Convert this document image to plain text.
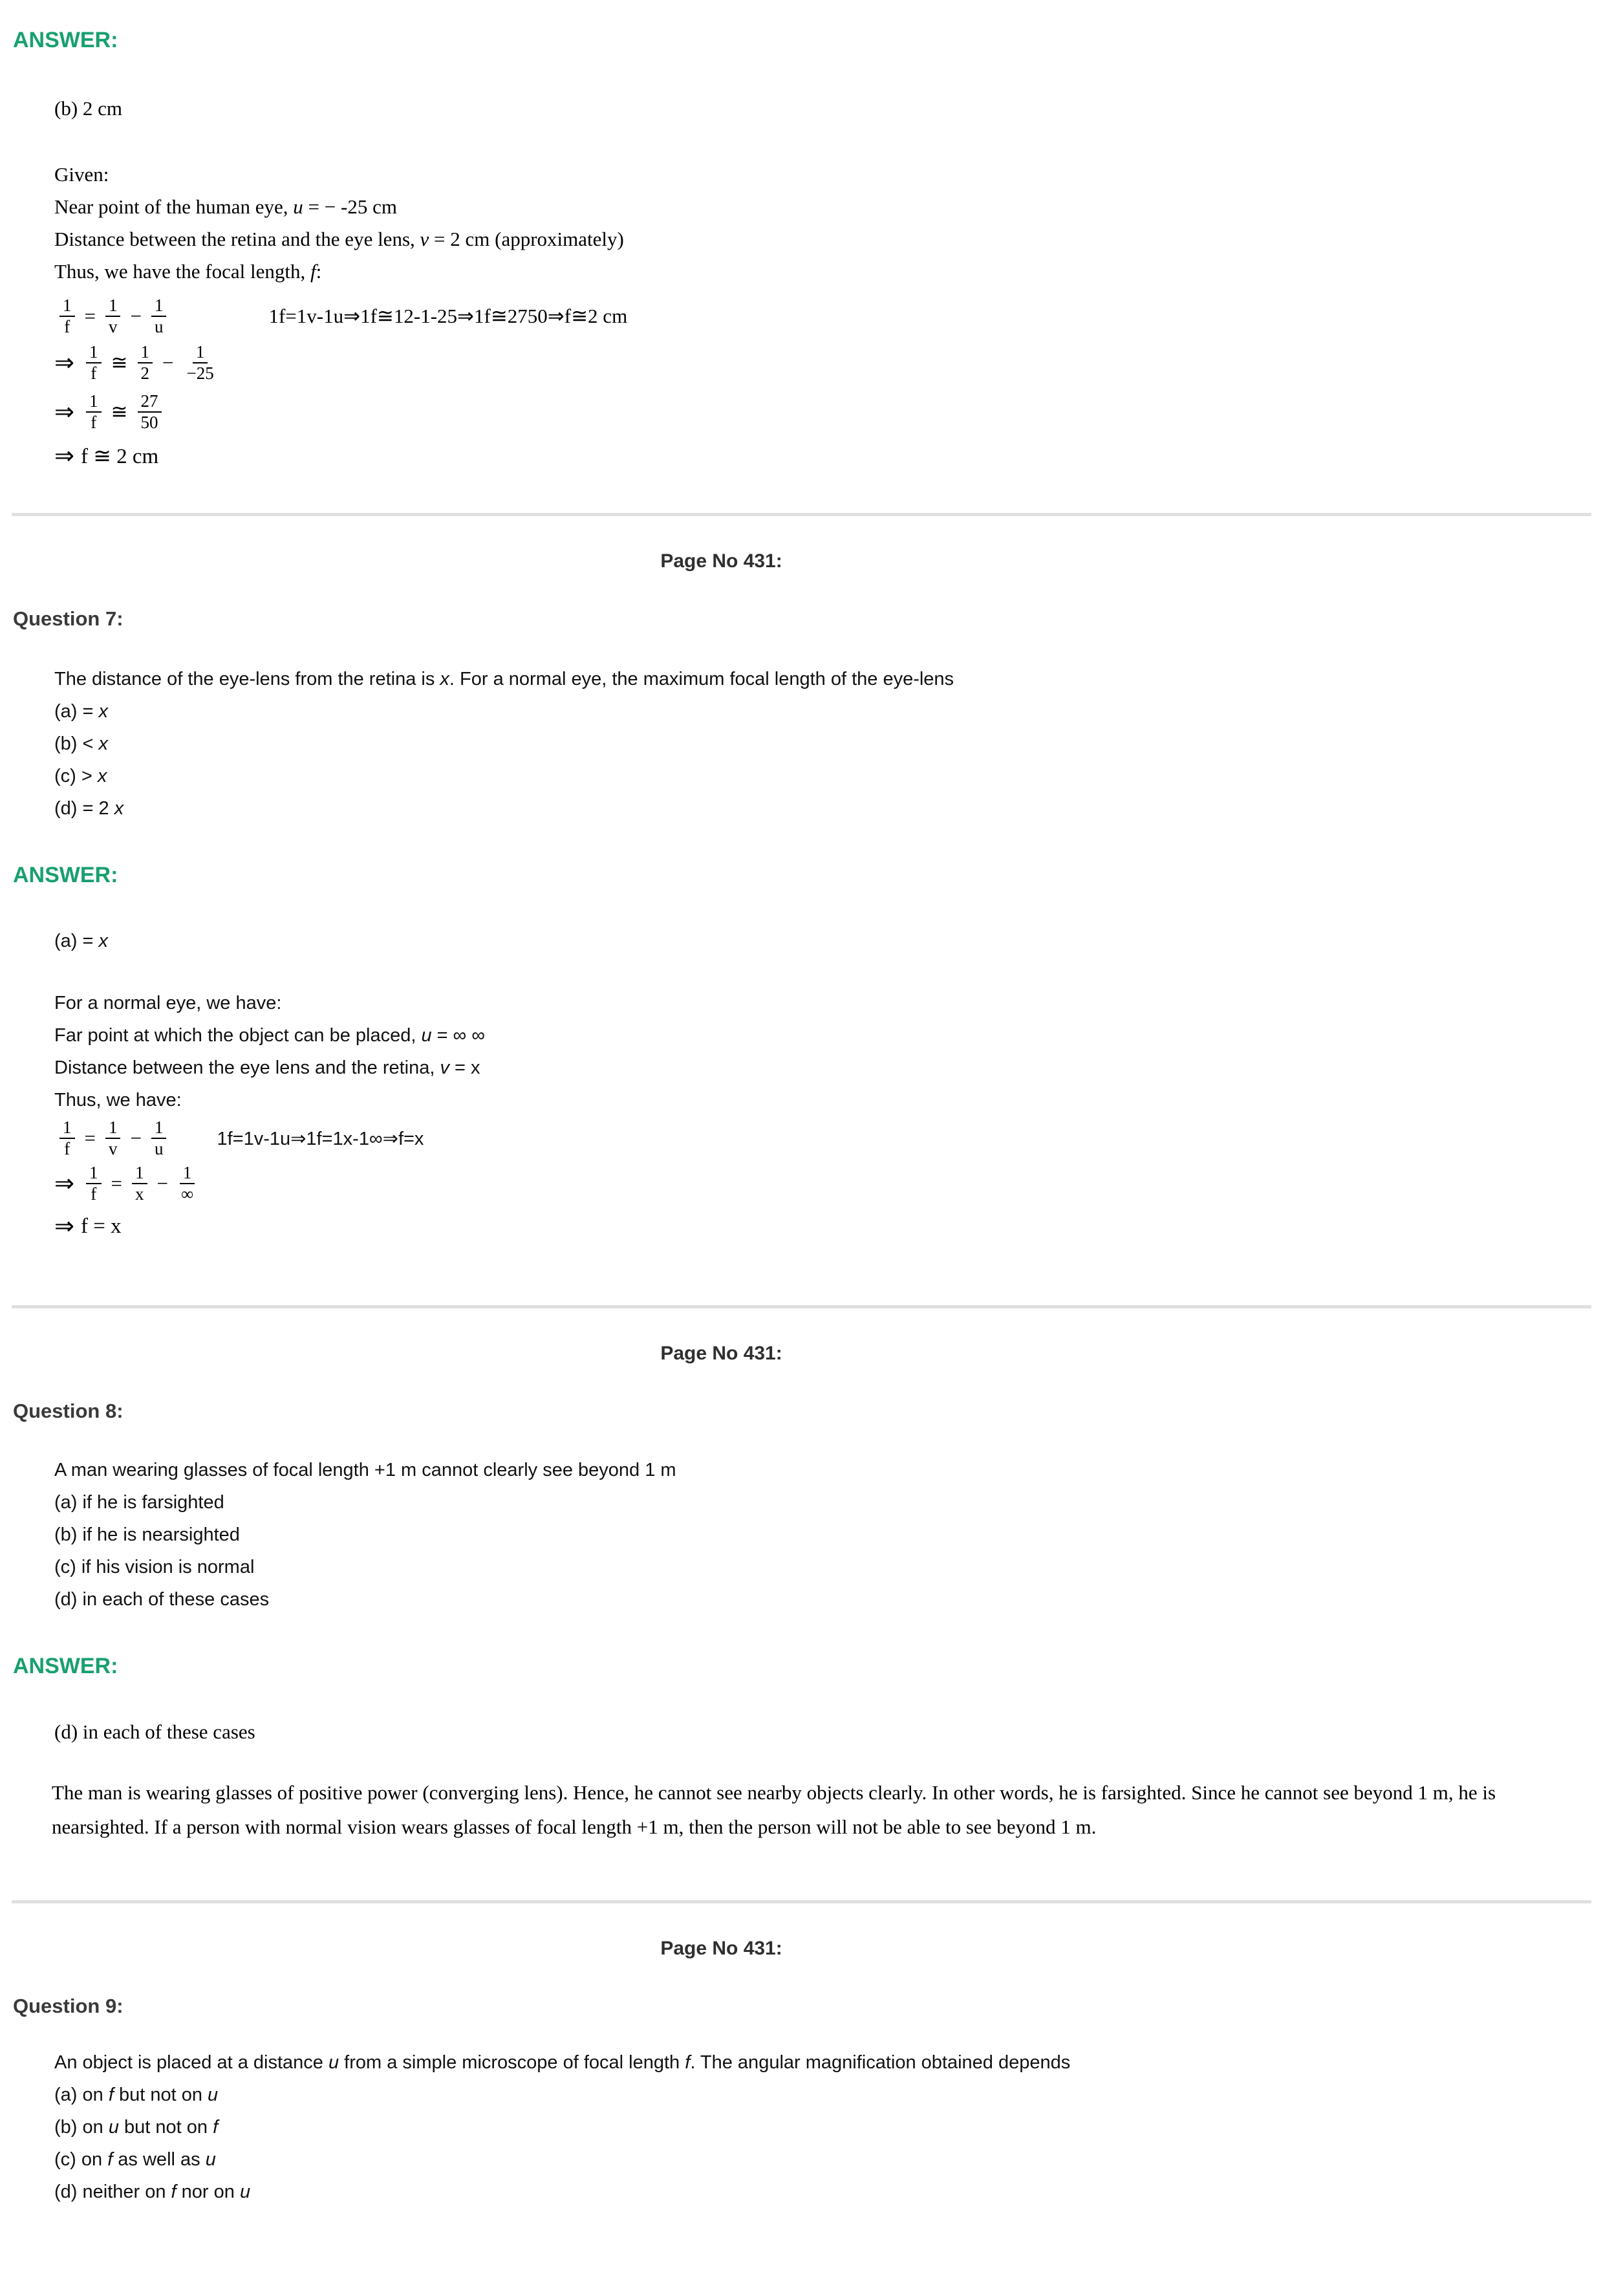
ANSWER:
(b) 2 cm
Given:
Near point of the human eye, u = − -25 cm
Distance between the retina and the eye lens, v = 2 cm (approximately)
Thus, we have the focal length, f:
$\frac{1}{f} = \frac{1}{v} - \frac{1}{u}$	1f=1v-1u⇒1f≅12-1-25⇒1f≅2750⇒f≅2 cm
⇒ $\frac{1}{f}$ ≅ $\frac{1}{2} - \frac{1}{-25}$
⇒ $\frac{1}{f}$ ≅ $\frac{27}{50}$
⇒ f ≅ 2 cm
Page No 431:
Question 7:
The distance of the eye-lens from the retina is x. For a normal eye, the maximum focal length of the eye-lens
(a) = x
(b) < x
(c) > x
(d) = 2 x
ANSWER:
(a) = x
For a normal eye, we have:
Far point at which the object can be placed, u = ∞ ∞
Distance between the eye lens and the retina, v = x
Thus, we have:
$\frac{1}{f} = \frac{1}{v} - \frac{1}{u}$	1f=1v-1u⇒1f=1x-1∞⇒f=x
⇒ $\frac{1}{f} = \frac{1}{x} - \frac{1}{\infty}$
⇒ f = x
Page No 431:
Question 8:
A man wearing glasses of focal length +1 m cannot clearly see beyond 1 m
(a) if he is farsighted
(b) if he is nearsighted
(c) if his vision is normal
(d) in each of these cases
ANSWER:
(d) in each of these cases
The man is wearing glasses of positive power (converging lens). Hence, he cannot see nearby objects clearly. In other words, he is farsighted. Since he cannot see beyond 1 m, he is nearsighted. If a person with normal vision wears glasses of focal length +1 m, then the person will not be able to see beyond 1 m.
Page No 431:
Question 9:
An object is placed at a distance u from a simple microscope of focal length f. The angular magnification obtained depends
(a) on f but not on u
(b) on u but not on f
(c) on f as well as u
(d) neither on f nor on u
